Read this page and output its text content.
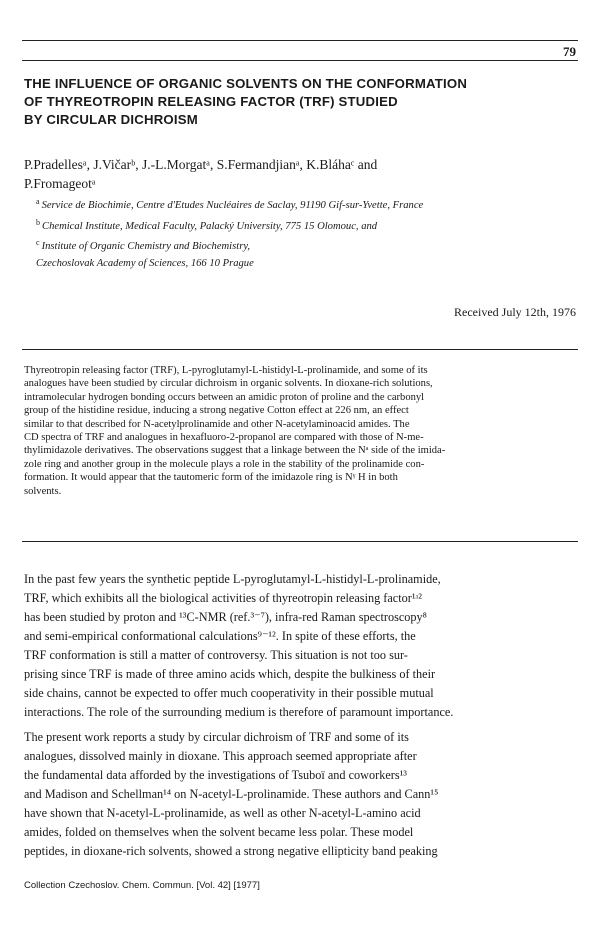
79
THE INFLUENCE OF ORGANIC SOLVENTS ON THE CONFORMATION
OF THYREOTROPIN RELEASING FACTOR (TRF) STUDIED
BY CIRCULAR DICHROISM
P.Pradellesᵃ, J.Vičarᵇ, J.-L.Morgatᵃ, S.Fermandjianᵃ, K.Bláhaᶜ and
P.Fromageotᵃ
$^a$ Service de Biochimie, Centre d'Etudes Nucléaires de Saclay, 91190 Gif-sur-Yvette, France
$^b$ Chemical Institute, Medical Faculty, Palacký University, 775 15 Olomouc, and
$^c$ Institute of Organic Chemistry and Biochemistry,
Czechoslovak Academy of Sciences, 166 10 Prague
Received July 12th, 1976
Thyreotropin releasing factor (TRF), L-pyroglutamyl-L-histidyl-L-prolinamide, and some of its
analogues have been studied by circular dichroism in organic solvents. In dioxane-rich solutions,
intramolecular hydrogen bonding occurs between an amidic proton of proline and the carbonyl
group of the histidine residue, inducing a strong negative Cotton effect at 226 nm, an effect
similar to that described for N-acetylprolinamide and other N-acetylaminoacid amides. The
CD spectra of TRF and analogues in hexafluoro-2-propanol are compared with those of N-me-
thylimidazole derivatives. The observations suggest that a linkage between the Nᵃ side of the imida-
zole ring and another group in the molecule plays a role in the stability of the prolinamide con-
formation. It would appear that the tautomeric form of the imidazole ring is Nᵞ H in both
solvents.
In the past few years the synthetic peptide L-pyroglutamyl-L-histidyl-L-prolinamide,
TRF, which exhibits all the biological activities of thyreotropin releasing factor¹ʴ²
has been studied by proton and ¹³C-NMR (ref.³⁻⁷), infra-red Raman spectroscopy⁸
and semi-empirical conformational calculations⁹⁻¹². In spite of these efforts, the
TRF conformation is still a matter of controversy. This situation is not too sur-
prising since TRF is made of three amino acids which, despite the bulkiness of their
side chains, cannot be expected to offer much cooperativity in their possible mutual
interactions. The role of the surrounding medium is therefore of paramount importance.
The present work reports a study by circular dichroism of TRF and some of its
analogues, dissolved mainly in dioxane. This approach seemed appropriate after
the fundamental data afforded by the investigations of Tsuboï and coworkers¹³
and Madison and Schellman¹⁴ on N-acetyl-L-prolinamide. These authors and Cann¹⁵
have shown that N-acetyl-L-prolinamide, as well as other N-acetyl-L-amino acid
amides, folded on themselves when the solvent became less polar. These model
peptides, in dioxane-rich solvents, showed a strong negative ellipticity band peaking
Collection Czechoslov. Chem. Commun. [Vol. 42] [1977]
